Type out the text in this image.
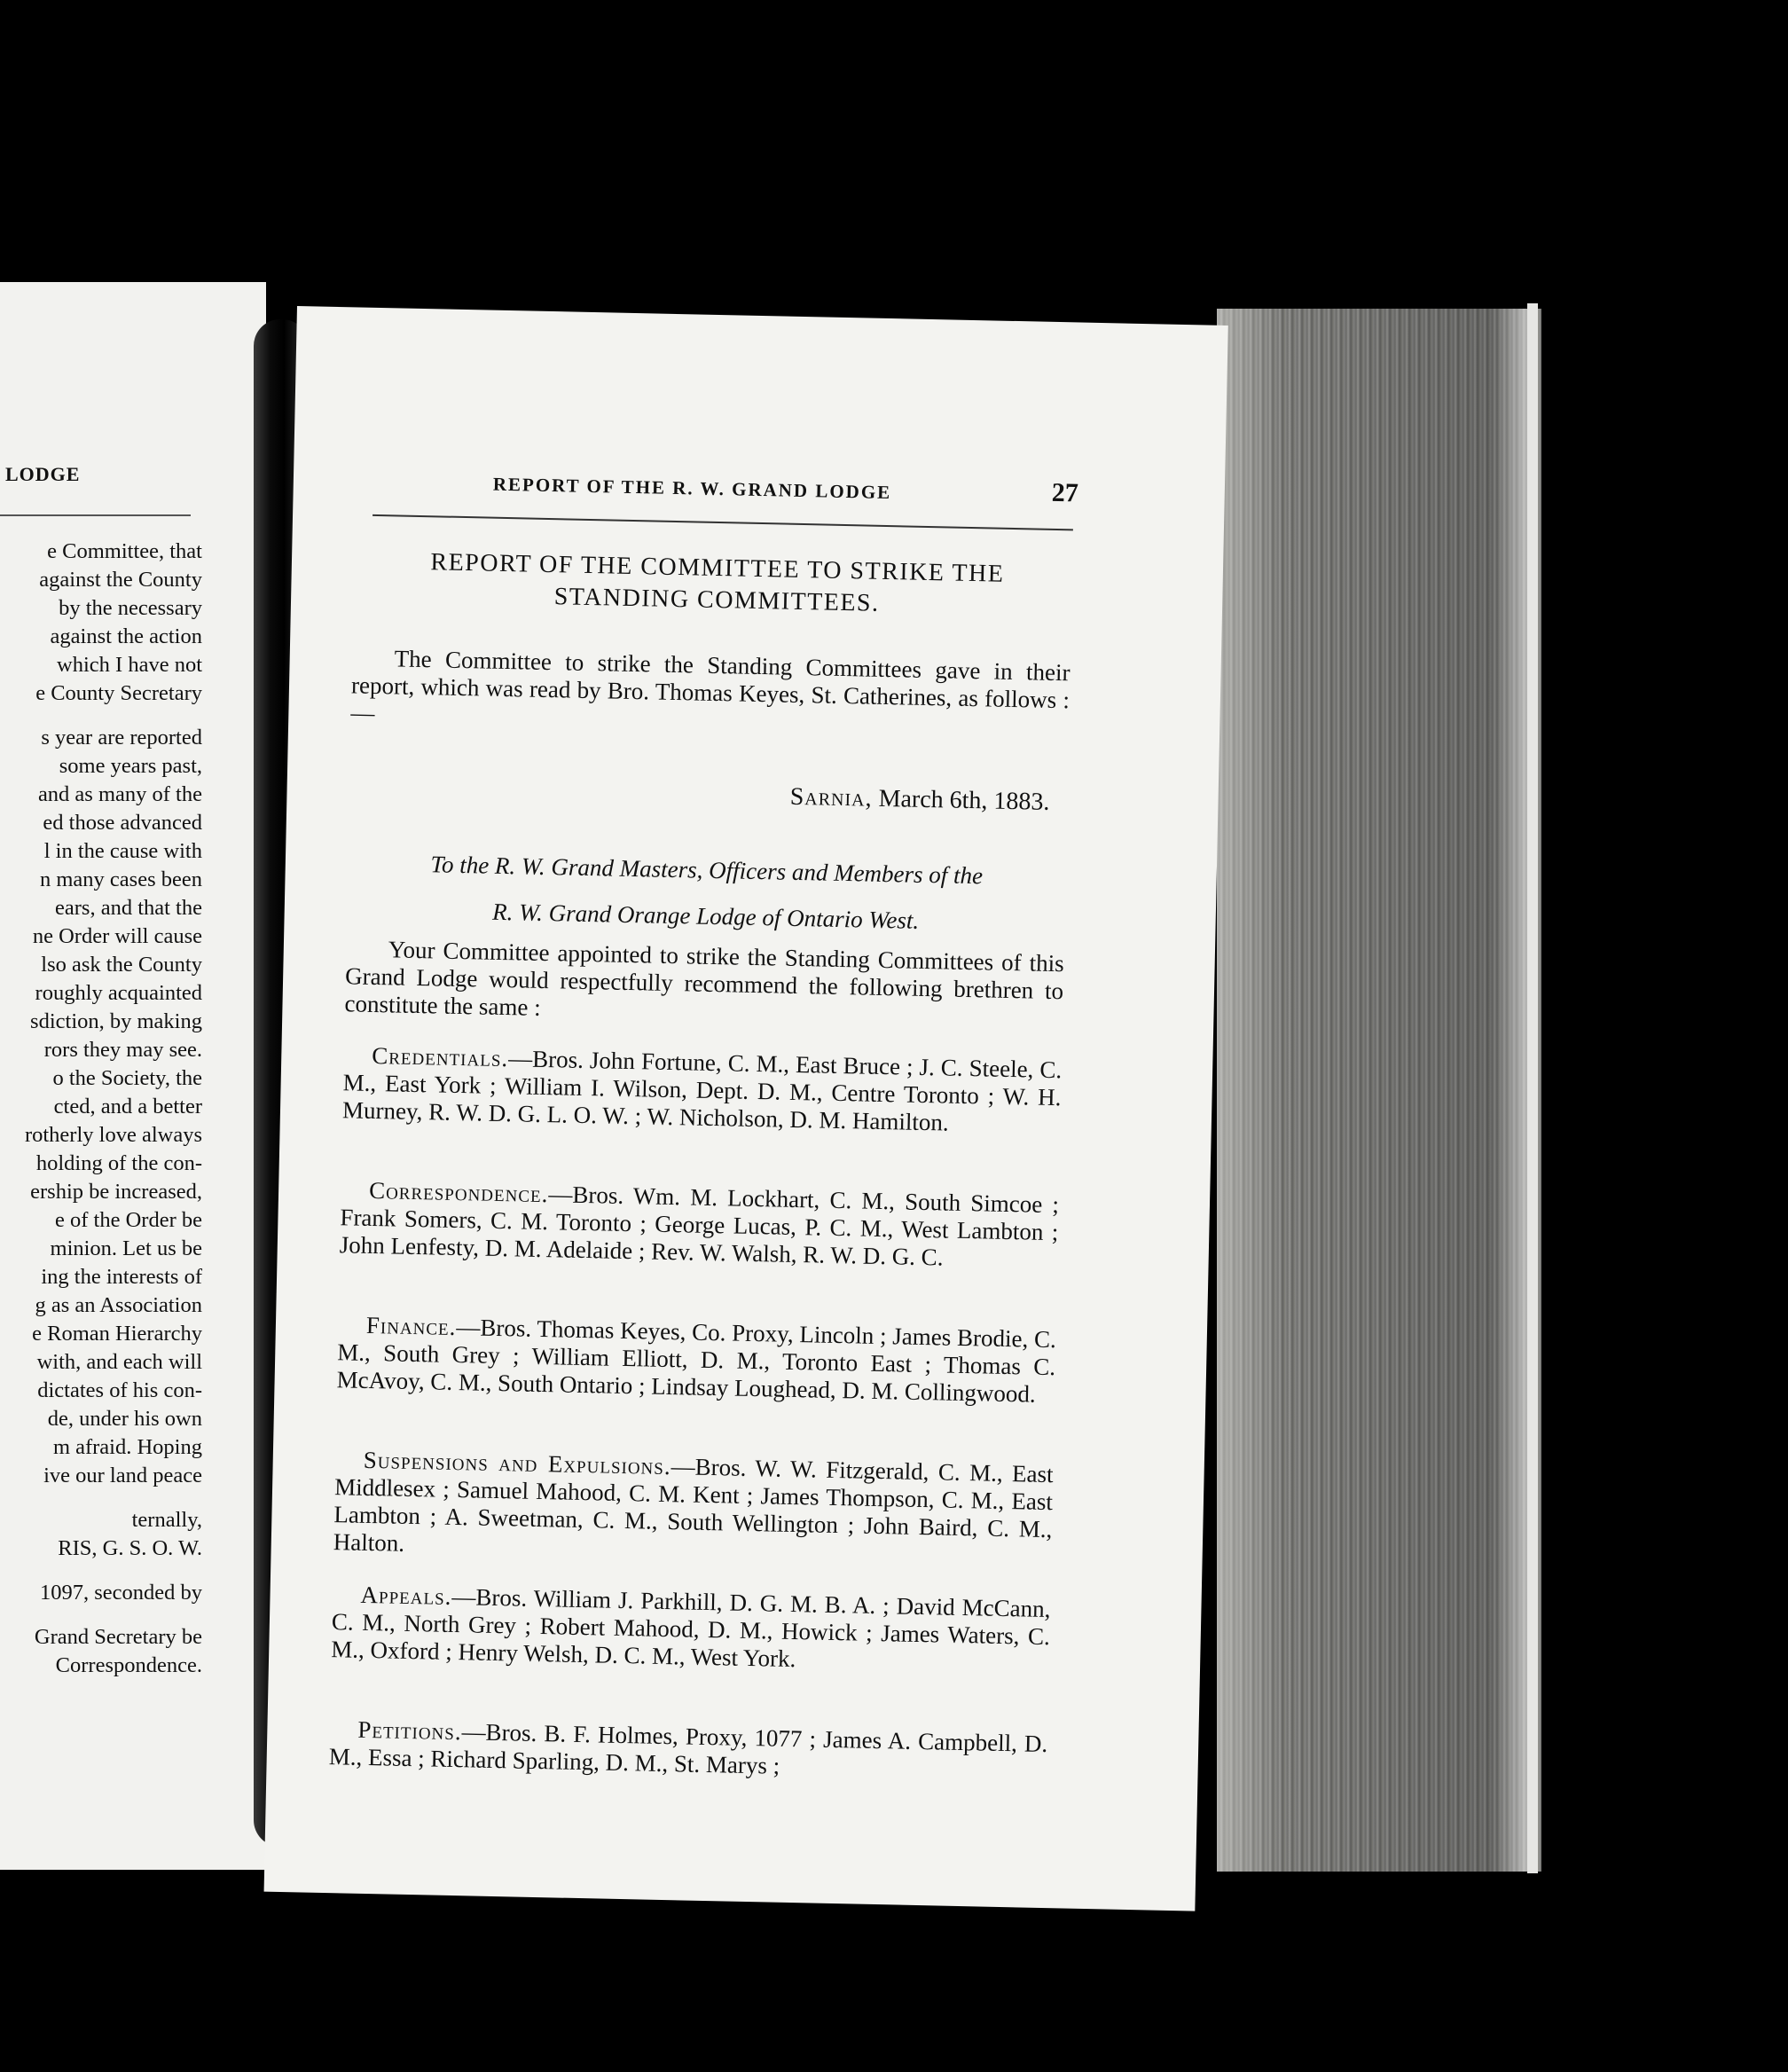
LODGE
e Committee, that
against the County
by the necessary
against the action
which I have not
e County Secretary
s year are reported
some years past,
and as many of the
ed those advanced
l in the cause with
n many cases been
ears, and that the
ne Order will cause
lso ask the County
roughly acquainted
sdiction, by making
rors they may see.
o the Society, the
cted, and a better
rotherly love always
holding of the con-
ership be increased,
e of the Order be
minion. Let us be
ing the interests of
g as an Association
e Roman Hierarchy
with, and each will
dictates of his con-
de, under his own
m afraid. Hoping
ive our land peace
ternally,
RIS, G. S. O. W.
1097, seconded by
Grand Secretary be
Correspondence.
REPORT OF THE R. W. GRAND LODGE	27
REPORT OF THE COMMITTEE TO STRIKE THE
STANDING COMMITTEES.

The Committee to strike the Standing Committees gave in their report, which was read by Bro. Thomas Keyes, St. Catherines, as follows :—

Sarnia, March 6th, 1883.
To the R. W. Grand Masters, Officers and Members of the
R. W. Grand Orange Lodge of Ontario West.

Your Committee appointed to strike the Standing Committees of this Grand Lodge would respectfully recommend the following brethren to constitute the same :

Credentials.—Bros. John Fortune, C. M., East Bruce ; J. C. Steele, C. M., East York ; William I. Wilson, Dept. D. M., Centre Toronto ; W. H. Murney, R. W. D. G. L. O. W. ; W. Nicholson, D. M. Hamilton.

Correspondence.—Bros. Wm. M. Lockhart, C. M., South Simcoe ; Frank Somers, C. M. Toronto ; George Lucas, P. C. M., West Lambton ; John Lenfesty, D. M. Adelaide ; Rev. W. Walsh, R. W. D. G. C.

Finance.—Bros. Thomas Keyes, Co. Proxy, Lincoln ; James Brodie, C. M., South Grey ; William Elliott, D. M., Toronto East ; Thomas C. McAvoy, C. M., South Ontario ; Lindsay Loughead, D. M. Collingwood.

Suspensions and Expulsions.—Bros. W. W. Fitzgerald, C. M., East Middlesex ; Samuel Mahood, C. M. Kent ; James Thompson, C. M., East Lambton ; A. Sweetman, C. M., South Wellington ; John Baird, C. M., Halton.

Appeals.—Bros. William J. Parkhill, D. G. M. B. A. ; David McCann, C. M., North Grey ; Robert Mahood, D. M., Howick ; James Waters, C. M., Oxford ; Henry Welsh, D. C. M., West York.

Petitions.—Bros. B. F. Holmes, Proxy, 1077 ; James A. Campbell, D. M., Essa ; Richard Sparling, D. M., St. Marys ;
